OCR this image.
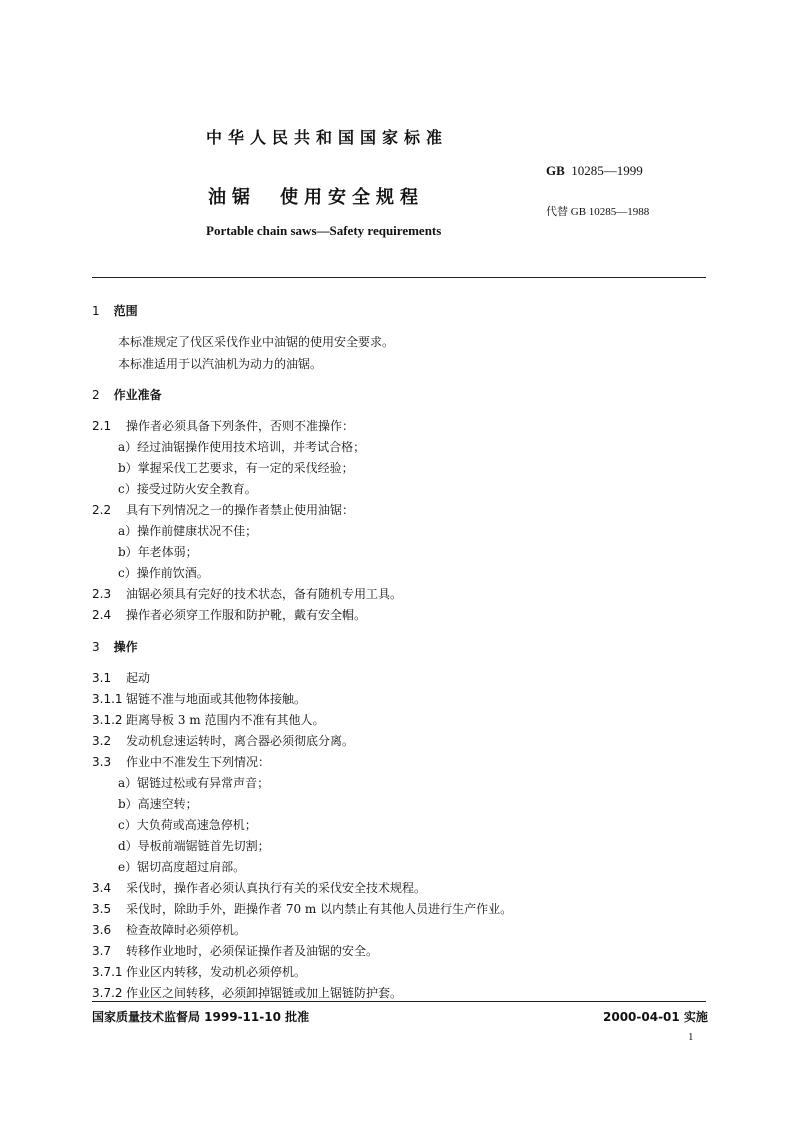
中华人民共和国国家标准
油锯　使用安全规程
Portable chain saws—Safety requirements
GB 10285—1999
代替 GB 10285—1988
1 范围
本标准规定了伐区采伐作业中油锯的使用安全要求。
本标准适用于以汽油机为动力的油锯。
2 作业准备
2.1 操作者必须具备下列条件，否则不准操作：
a）经过油锯操作使用技术培训，并考试合格；
b）掌握采伐工艺要求，有一定的采伐经验；
c）接受过防火安全教育。
2.2 具有下列情况之一的操作者禁止使用油锯：
a）操作前健康状况不佳；
b）年老体弱；
c）操作前饮酒。
2.3 油锯必须具有完好的技术状态，备有随机专用工具。
2.4 操作者必须穿工作服和防护靴，戴有安全帽。
3 操作
3.1 起动
3.1.1 锯链不准与地面或其他物体接触。
3.1.2 距离导板 3 m 范围内不准有其他人。
3.2 发动机怠速运转时，离合器必须彻底分离。
3.3 作业中不准发生下列情况：
a）锯链过松或有异常声音；
b）高速空转；
c）大负荷或高速急停机；
d）导板前端锯链首先切割；
e）锯切高度超过肩部。
3.4 采伐时，操作者必须认真执行有关的采伐安全技术规程。
3.5 采伐时，除助手外，距操作者 70 m 以内禁止有其他人员进行生产作业。
3.6 检查故障时必须停机。
3.7 转移作业地时，必须保证操作者及油锯的安全。
3.7.1 作业区内转移，发动机必须停机。
3.7.2 作业区之间转移，必须卸掉锯链或加上锯链防护套。
国家质量技术监督局 1999-11-10 批准	2000-04-01 实施
1
